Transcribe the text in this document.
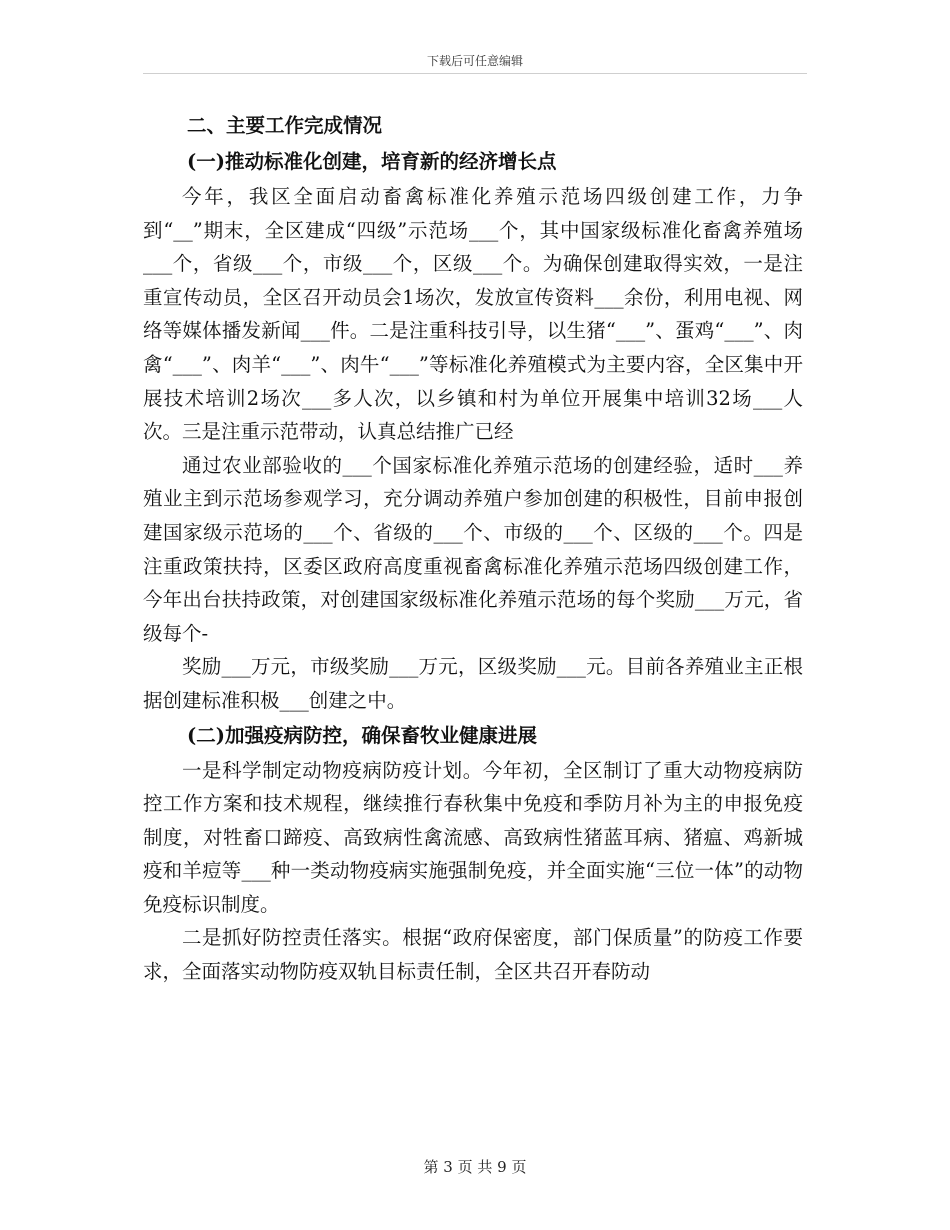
下载后可任意编辑
二、主要工作完成情况
(一)推动标准化创建，培育新的经济增长点

今年，我区全面启动畜禽标准化养殖示范场四级创建工作，力争到“__”期末，全区建成“四级”示范场___个，其中国家级标准化畜禽养殖场___个，省级___个，市级___个，区级___个。为确保创建取得实效，一是注重宣传动员，全区召开动员会1场次，发放宣传资料___余份，利用电视、网络等媒体播发新闻___件。二是注重科技引导，以生猪“___”、蛋鸡“___”、肉禽“___”、肉羊“___”、肉牛“___”等标准化养殖模式为主要内容，全区集中开展技术培训2场次___多人次，以乡镇和村为单位开展集中培训32场___人次。三是注重示范带动，认真总结推广已经

通过农业部验收的___个国家标准化养殖示范场的创建经验，适时___养殖业主到示范场参观学习，充分调动养殖户参加创建的积极性，目前申报创建国家级示范场的___个、省级的___个、市级的___个、区级的___个。四是注重政策扶持，区委区政府高度重视畜禽标准化养殖示范场四级创建工作，今年出台扶持政策，对创建国家级标准化养殖示范场的每个奖励___万元，省级每个-

奖励___万元，市级奖励___万元，区级奖励___元。目前各养殖业主正根据创建标准积极___创建之中。

(二)加强疫病防控，确保畜牧业健康进展

一是科学制定动物疫病防疫计划。今年初，全区制订了重大动物疫病防控工作方案和技术规程，继续推行春秋集中免疫和季防月补为主的申报免疫制度，对牲畜口蹄疫、高致病性禽流感、高致病性猪蓝耳病、猪瘟、鸡新城疫和羊痘等___种一类动物疫病实施强制免疫，并全面实施“三位一体”的动物免疫标识制度。

二是抓好防控责任落实。根据“政府保密度，部门保质量”的防疫工作要求，全面落实动物防疫双轨目标责任制，全区共召开春防动

第 3 页 共 9 页
